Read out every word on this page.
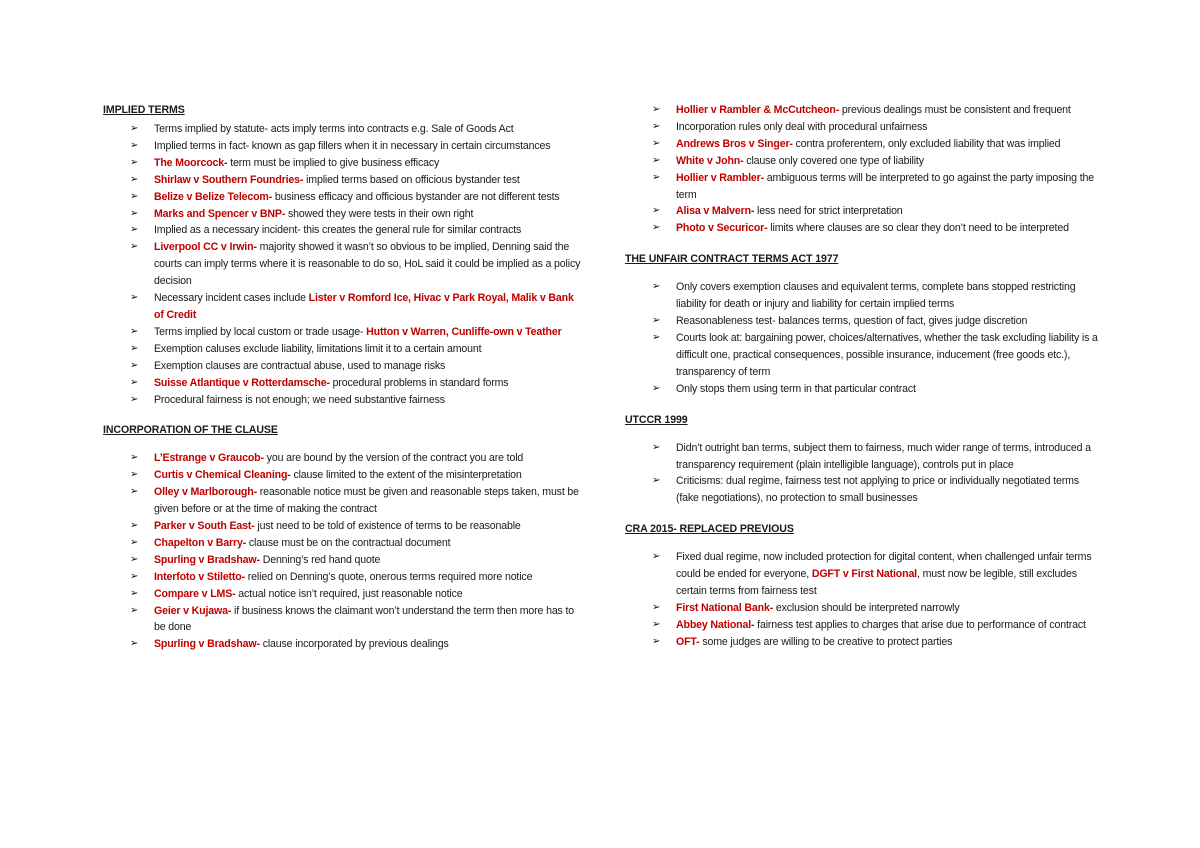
IMPLIED TERMS
➢ Terms implied by statute- acts imply terms into contracts e.g. Sale of Goods Act
➢ Implied terms in fact- known as gap fillers when it in necessary in certain circumstances
➢ The Moorcock- term must be implied to give business efficacy
➢ Shirlaw v Southern Foundries- implied terms based on officious bystander test
➢ Belize v Belize Telecom- business efficacy and officious bystander are not different tests
➢ Marks and Spencer v BNP- showed they were tests in their own right
➢ Implied as a necessary incident- this creates the general rule for similar contracts
➢ Liverpool CC v Irwin- majority showed it wasn’t so obvious to be implied, Denning said the courts can imply terms where it is reasonable to do so, HoL said it could be implied as a policy decision
➢ Necessary incident cases include Lister v Romford Ice, Hivac v Park Royal, Malik v Bank of Credit
➢ Terms implied by local custom or trade usage- Hutton v Warren, Cunliffe-own v Teather
➢ Exemption caluses exclude liability, limitations limit it to a certain amount
➢ Exemption clauses are contractual abuse, used to manage risks
➢ Suisse Atlantique v Rotterdamsche- procedural problems in standard forms
➢ Procedural fairness is not enough; we need substantive fairness
INCORPORATION OF THE CLAUSE
➢ L’Estrange v Graucob- you are bound by the version of the contract you are told
➢ Curtis v Chemical Cleaning- clause limited to the extent of the misinterpretation
➢ Olley v Marlborough- reasonable notice must be given and reasonable steps taken, must be given before or at the time of making the contract
➢ Parker v South East- just need to be told of existence of terms to be reasonable
➢ Chapelton v Barry- clause must be on the contractual document
➢ Spurling v Bradshaw- Denning’s red hand quote
➢ Interfoto v Stiletto- relied on Denning’s quote, onerous terms required more notice
➢ Compare v LMS- actual notice isn’t required, just reasonable notice
➢ Geier v Kujawa- if business knows the claimant won’t understand the term then more has to be done
➢ Spurling v Bradshaw- clause incorporated by previous dealings
➢ Hollier v Rambler & McCutcheon- previous dealings must be consistent and frequent
➢ Incorporation rules only deal with procedural unfairness
➢ Andrews Bros v Singer- contra proferentem, only excluded liability that was implied
➢ White v John- clause only covered one type of liability
➢ Hollier v Rambler- ambiguous terms will be interpreted to go against the party imposing the term
➢ Alisa v Malvern- less need for strict interpretation
➢ Photo v Securicor- limits where clauses are so clear they don’t need to be interpreted
THE UNFAIR CONTRACT TERMS ACT 1977
➢ Only covers exemption clauses and equivalent terms, complete bans stopped restricting liability for death or injury and liability for certain implied terms
➢ Reasonableness test- balances terms, question of fact, gives judge discretion
➢ Courts look at: bargaining power, choices/alternatives, whether the task excluding liability is a difficult one, practical consequences, possible insurance, inducement (free goods etc.), transparency of term
➢ Only stops them using term in that particular contract
UTCCR 1999
➢ Didn’t outright ban terms, subject them to fairness, much wider range of terms, introduced a transparency requirement (plain intelligible language), controls put in place
➢ Criticisms: dual regime, fairness test not applying to price or individually negotiated terms (fake negotiations), no protection to small businesses
CRA 2015- REPLACED PREVIOUS
➢ Fixed dual regime, now included protection for digital content, when challenged unfair terms could be ended for everyone, DGFT v First National, must now be legible, still excludes certain terms from fairness test
➢ First National Bank- exclusion should be interpreted narrowly
➢ Abbey National- fairness test applies to charges that arise due to performance of contract
➢ OFT- some judges are willing to be creative to protect parties
